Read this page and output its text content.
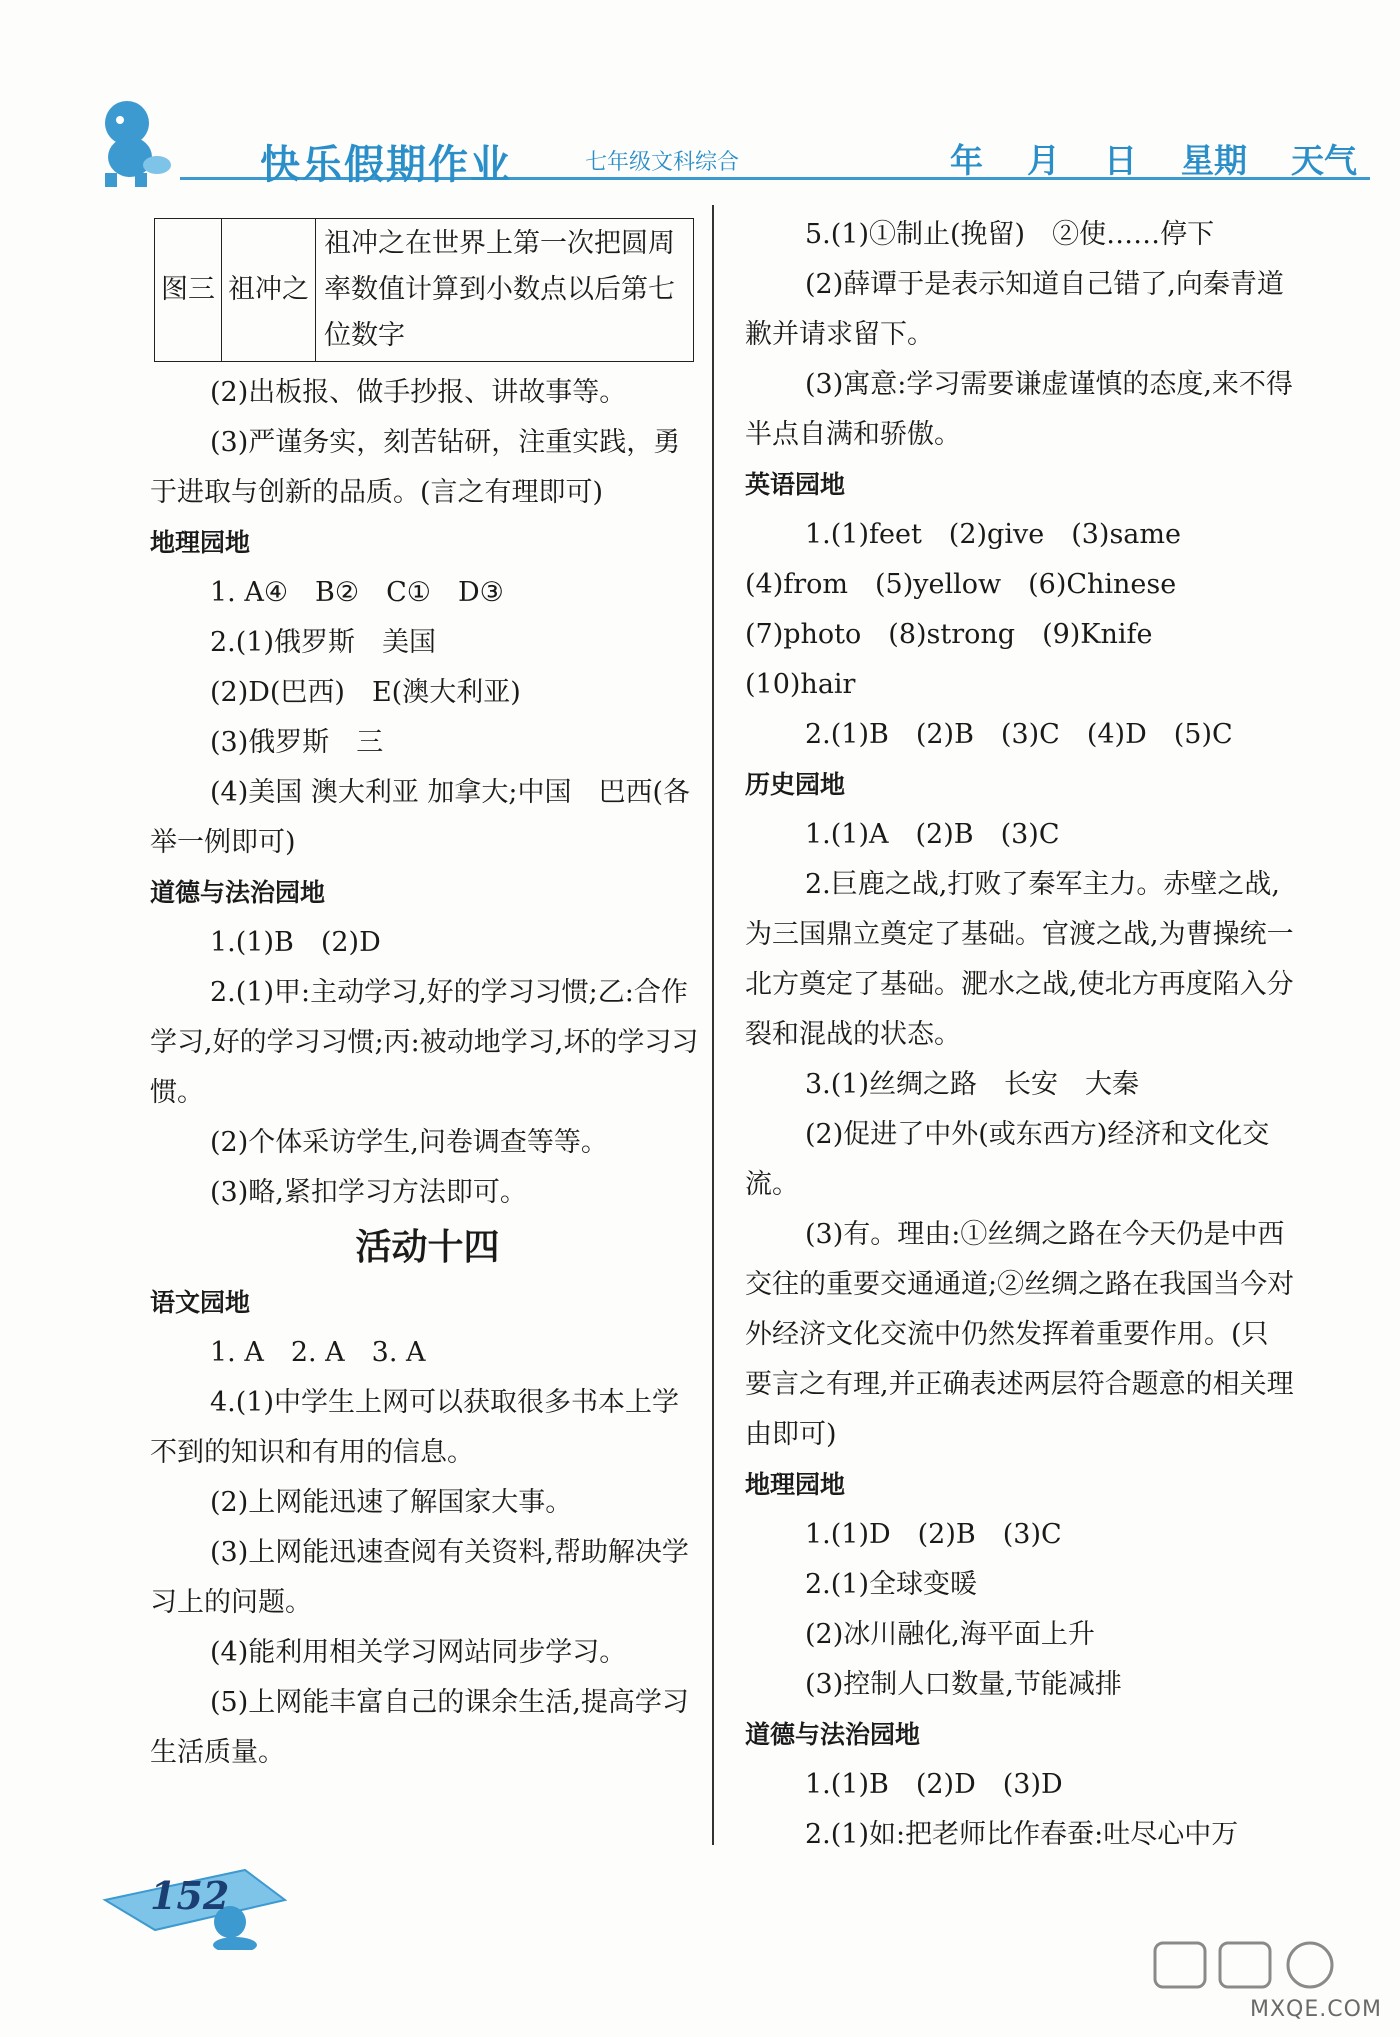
快乐假期作业	七年级文科综合	年 月 日 星期 天气
图三	祖冲之	祖冲之在世界上第一次把圆周率数值计算到小数点以后第七位数字

(2)出板报、做手抄报、讲故事等。

(3)严谨务实，刻苦钻研，注重实践，勇于进取与创新的品质。(言之有理即可)

地理园地

1. A④　B②　C①　D③

2.(1)俄罗斯　美国

(2)D(巴西)　E(澳大利亚)

(3)俄罗斯　三

(4)美国 澳大利亚 加拿大;中国　巴西(各举一例即可)

道德与法治园地

1.(1)B　(2)D

2.(1)甲:主动学习,好的学习习惯;乙:合作学习,好的学习习惯;丙:被动地学习,坏的学习习惯。

(2)个体采访学生,问卷调查等等。

(3)略,紧扣学习方法即可。

活动十四

语文园地

1. A　2. A　3. A

4.(1)中学生上网可以获取很多书本上学不到的知识和有用的信息。

(2)上网能迅速了解国家大事。

(3)上网能迅速查阅有关资料,帮助解决学习上的问题。

(4)能利用相关学习网站同步学习。

(5)上网能丰富自己的课余生活,提高学习生活质量。

5.(1)①制止(挽留)　②使……停下

(2)薛谭于是表示知道自己错了,向秦青道歉并请求留下。

(3)寓意:学习需要谦虚谨慎的态度,来不得半点自满和骄傲。

英语园地

1.(1)feet　(2)give　(3)same

(4)from　(5)yellow　(6)Chinese

(7)photo　(8)strong　(9)Knife

(10)hair

2.(1)B　(2)B　(3)C　(4)D　(5)C

历史园地

1.(1)A　(2)B　(3)C

2.巨鹿之战,打败了秦军主力。赤壁之战,为三国鼎立奠定了基础。官渡之战,为曹操统一北方奠定了基础。淝水之战,使北方再度陷入分裂和混战的状态。

3.(1)丝绸之路　长安　大秦

(2)促进了中外(或东西方)经济和文化交流。

(3)有。理由:①丝绸之路在今天仍是中西交往的重要交通通道;②丝绸之路在我国当今对外经济文化交流中仍然发挥着重要作用。(只要言之有理,并正确表述两层符合题意的相关理由即可)

地理园地

1.(1)D　(2)B　(3)C

2.(1)全球变暖

(2)冰川融化,海平面上升

(3)控制人口数量,节能减排

道德与法治园地

1.(1)B　(2)D　(3)D

2.(1)如:把老师比作春蚕:吐尽心中万

152
MXQE.COM
